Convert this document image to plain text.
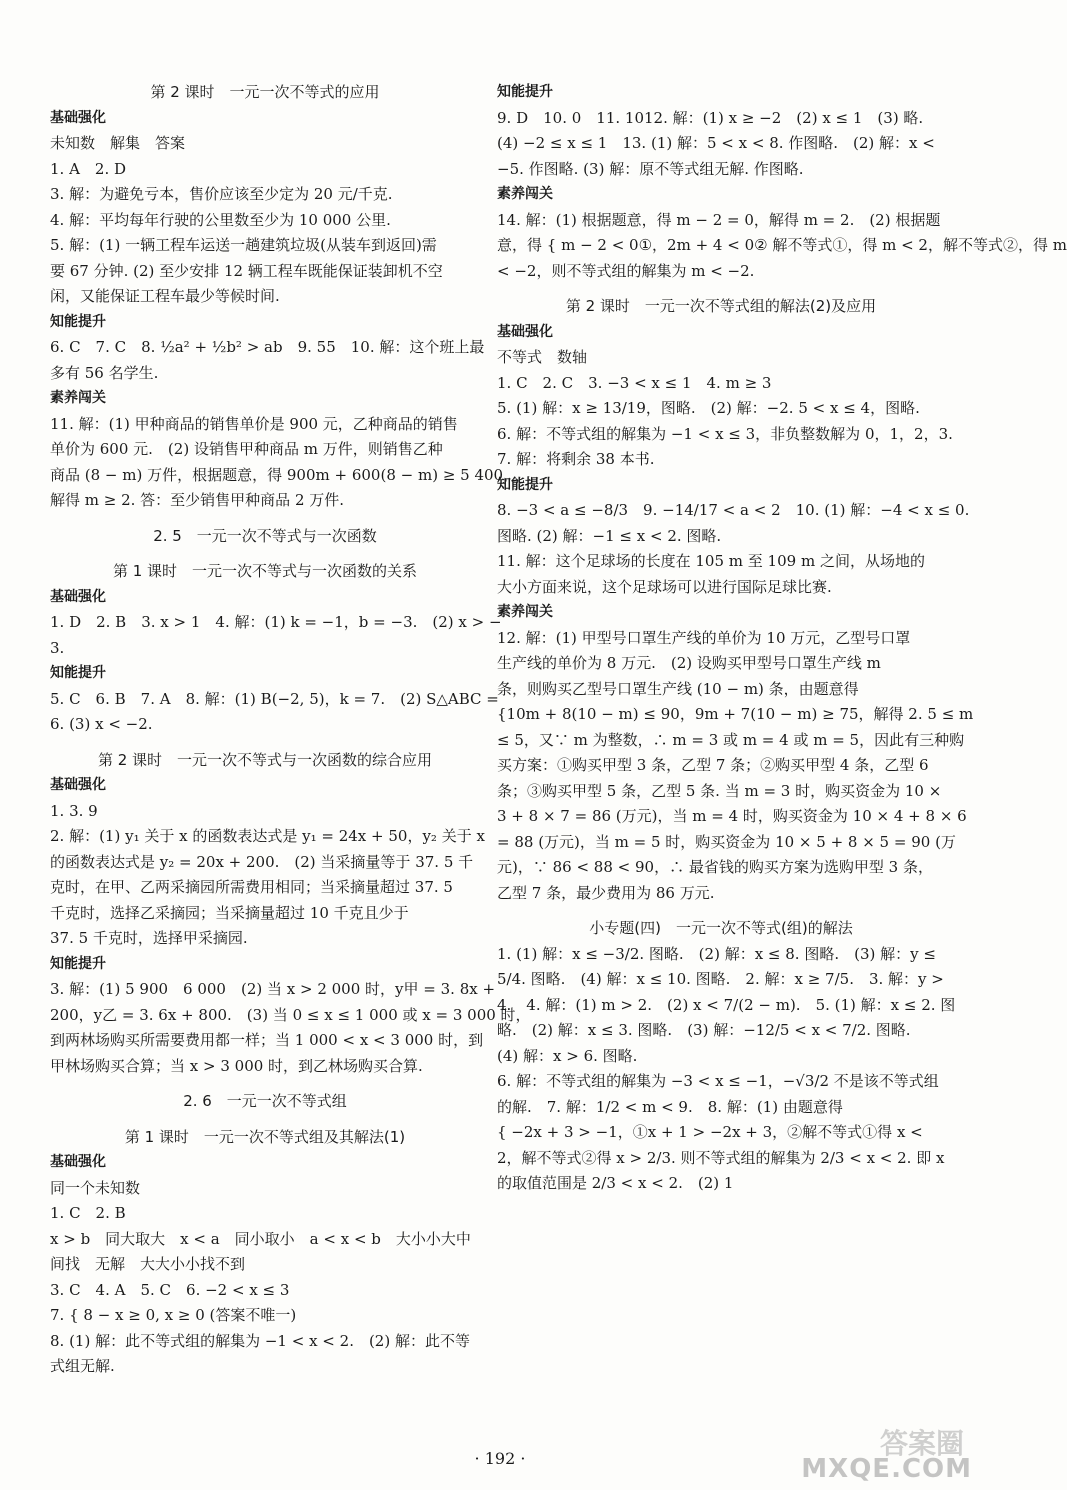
第 2 课时　一元一次不等式的应用
基础强化
未知数　解集　答案
1. A　2. D
3. 解：为避免亏本，售价应该至少定为 20 元/千克.
4. 解：平均每年行驶的公里数至少为 10 000 公里.
5. 解：(1) 一辆工程车运送一趟建筑垃圾(从装车到返回)需
要 67 分钟. (2) 至少安排 12 辆工程车既能保证装卸机不空
闲，又能保证工程车最少等候时间.
知能提升
6. C　7. C　8. ½a² + ½b² > ab　9. 55　10. 解：这个班上最
多有 56 名学生.
素养闯关
11. 解：(1) 甲种商品的销售单价是 900 元，乙种商品的销售
单价为 600 元.　(2) 设销售甲种商品 m 万件，则销售乙种
商品 (8 − m) 万件，根据题意，得 900m + 600(8 − m) ≥ 5 400，
解得 m ≥ 2. 答：至少销售甲种商品 2 万件.
2. 5　一元一次不等式与一次函数
第 1 课时　一元一次不等式与一次函数的关系
基础强化
1. D　2. B　3. x > 1　4. 解：(1) k = −1，b = −3.　(2) x > −
3.
知能提升
5. C　6. B　7. A　8. 解：(1) B(−2, 5)，k = 7.　(2) S△ABC =
6. (3) x < −2.
第 2 课时　一元一次不等式与一次函数的综合应用
基础强化
1. 3. 9
2. 解：(1) y₁ 关于 x 的函数表达式是 y₁ = 24x + 50，y₂ 关于 x
的函数表达式是 y₂ = 20x + 200.　(2) 当采摘量等于 37. 5 千
克时，在甲、乙两采摘园所需费用相同；当采摘量超过 37. 5
千克时，选择乙采摘园；当采摘量超过 10 千克且少于
37. 5 千克时，选择甲采摘园.
知能提升
3. 解：(1) 5 900　6 000　(2) 当 x > 2 000 时，y甲 = 3. 8x +
200，y乙 = 3. 6x + 800.　(3) 当 0 ≤ x ≤ 1 000 或 x = 3 000 时，
到两林场购买所需要费用都一样；当 1 000 < x < 3 000 时，到
甲林场购买合算；当 x > 3 000 时，到乙林场购买合算.
2. 6　一元一次不等式组
第 1 课时　一元一次不等式组及其解法(1)
基础强化
同一个未知数
1. C　2. B
x > b　同大取大　x < a　同小取小　a < x < b　大小小大中
间找　无解　大大小小找不到
3. C　4. A　5. C　6. −2 < x ≤ 3
7. { 8 − x ≥ 0, x ≥ 0 (答案不唯一)
8. (1) 解：此不等式组的解集为 −1 < x < 2.　(2) 解：此不等
式组无解.
知能提升
9. D　10. 0　11. 1012. 解：(1) x ≥ −2　(2) x ≤ 1　(3) 略.
(4) −2 ≤ x ≤ 1　13. (1) 解：5 < x < 8. 作图略.　(2) 解：x <
−5. 作图略. (3) 解：原不等式组无解. 作图略.
素养闯关
14. 解：(1) 根据题意，得 m − 2 = 0，解得 m = 2.　(2) 根据题
意，得 { m − 2 < 0①，2m + 4 < 0② 解不等式①，得 m < 2，解不等式②，得 m
< −2，则不等式组的解集为 m < −2.
第 2 课时　一元一次不等式组的解法(2)及应用
基础强化
不等式　数轴
1. C　2. C　3. −3 < x ≤ 1　4. m ≥ 3
5. (1) 解：x ≥ 13/19，图略.　(2) 解：−2. 5 < x ≤ 4，图略.
6. 解：不等式组的解集为 −1 < x ≤ 3，非负整数解为 0，1，2，3.
7. 解：将剩余 38 本书.
知能提升
8. −3 < a ≤ −8/3　9. −14/17 < a < 2　10. (1) 解：−4 < x ≤ 0.
图略. (2) 解：−1 ≤ x < 2. 图略.
11. 解：这个足球场的长度在 105 m 至 109 m 之间，从场地的
大小方面来说，这个足球场可以进行国际足球比赛.
素养闯关
12. 解：(1) 甲型号口罩生产线的单价为 10 万元，乙型号口罩
生产线的单价为 8 万元.　(2) 设购买甲型号口罩生产线 m
条，则购买乙型号口罩生产线 (10 − m) 条，由题意得
{10m + 8(10 − m) ≤ 90，9m + 7(10 − m) ≥ 75，解得 2. 5 ≤ m
≤ 5，又∵ m 为整数，∴ m = 3 或 m = 4 或 m = 5，因此有三种购
买方案：①购买甲型 3 条，乙型 7 条；②购买甲型 4 条，乙型 6
条；③购买甲型 5 条，乙型 5 条. 当 m = 3 时，购买资金为 10 ×
3 + 8 × 7 = 86 (万元)，当 m = 4 时，购买资金为 10 × 4 + 8 × 6
= 88 (万元)，当 m = 5 时，购买资金为 10 × 5 + 8 × 5 = 90 (万
元)，∵ 86 < 88 < 90，∴ 最省钱的购买方案为选购甲型 3 条，
乙型 7 条，最少费用为 86 万元.
小专题(四)　一元一次不等式(组)的解法
1. (1) 解：x ≤ −3/2. 图略.　(2) 解：x ≤ 8. 图略.　(3) 解：y ≤
5/4. 图略.　(4) 解：x ≤ 10. 图略.　2. 解：x ≥ 7/5.　3. 解：y >
4.　4. 解：(1) m > 2.　(2) x < 7/(2 − m).　5. (1) 解：x ≤ 2. 图
略.　(2) 解：x ≤ 3. 图略.　(3) 解：−12/5 < x < 7/2. 图略.
(4) 解：x > 6. 图略.
6. 解：不等式组的解集为 −3 < x ≤ −1，−√3/2 不是该不等式组
的解.　7. 解：1/2 < m < 9.　8. 解：(1) 由题意得
{ −2x + 3 > −1，①x + 1 > −2x + 3，②解不等式①得 x <
2，解不等式②得 x > 2/3. 则不等式组的解集为 2/3 < x < 2. 即 x
的取值范围是 2/3 < x < 2.　(2) 1
· 192 ·	答案圈
MXQE.COM
